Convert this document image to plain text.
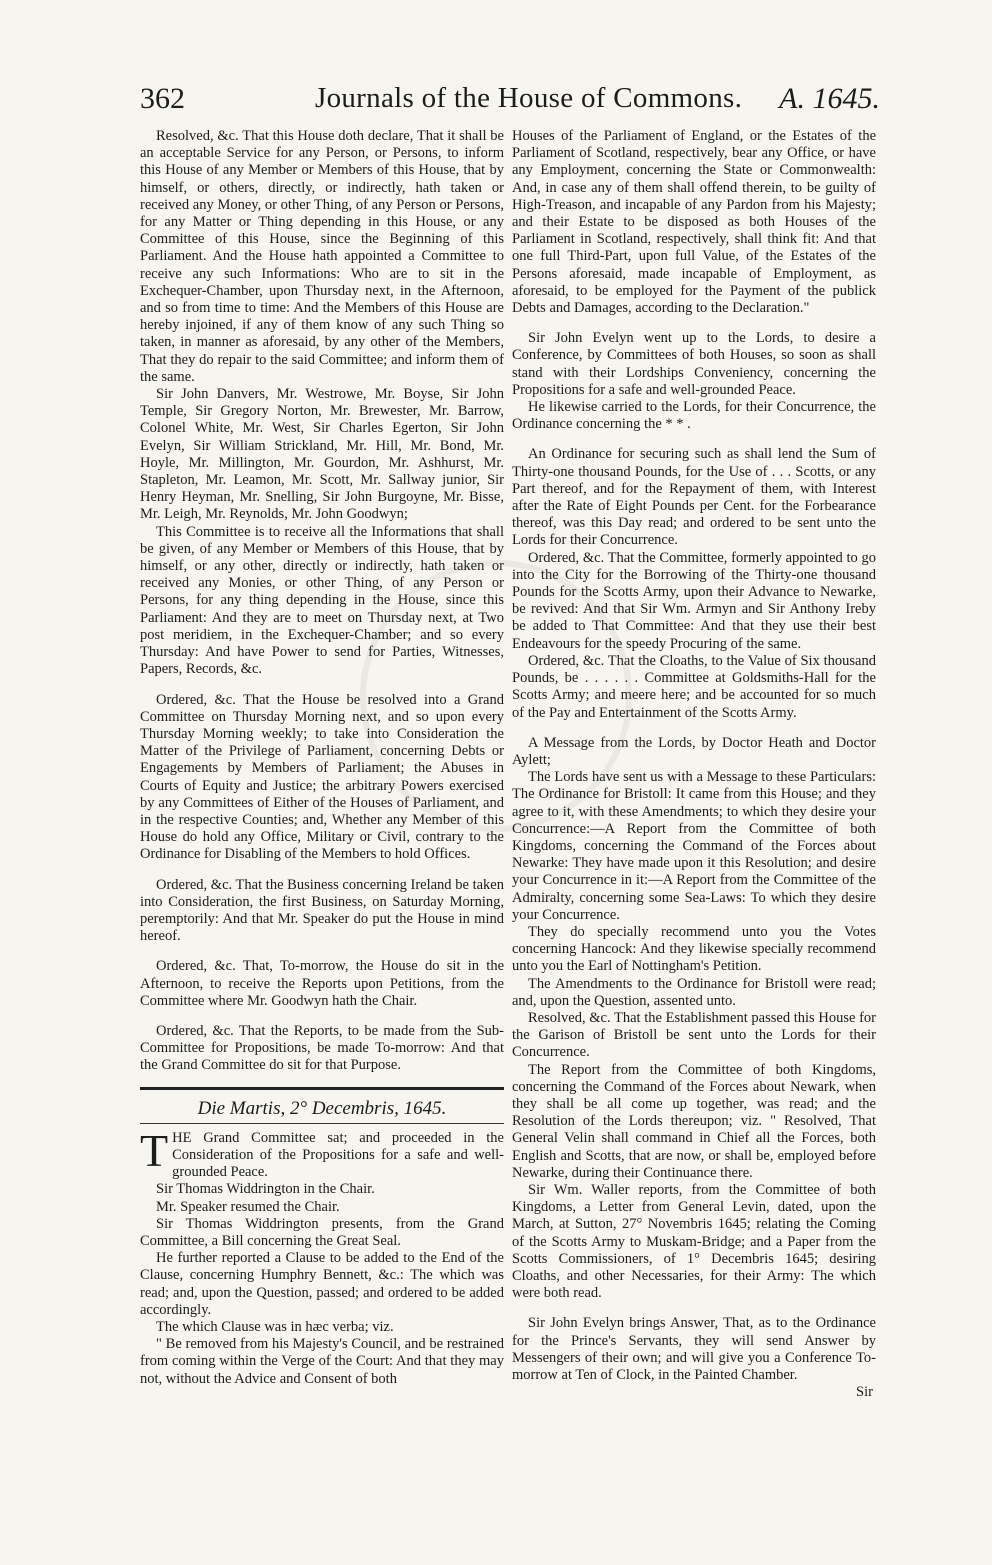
362	Journals of the House of Commons. A. 1645.

Resolved, &c. That this House doth declare, That it shall be an acceptable Service for any Person, or Persons, to inform this House of any Member or Members of this House, that by himself, or others, directly, or indirectly, hath taken or received any Money, or other Thing, of any Person or Persons, for any Matter or Thing depending in this House, or any Committee of this House, since the Beginning of this Parliament. And the House hath appointed a Committee to receive any such Informations: Who are to sit in the Exchequer-Chamber, upon Thursday next, in the Afternoon, and so from time to time: And the Members of this House are hereby injoined, if any of them know of any such Thing so taken, in manner as aforesaid, by any other of the Members, That they do repair to the said Committee; and inform them of the same.

Sir John Danvers, Mr. Westrowe, Mr. Boyse, Sir John Temple, Sir Gregory Norton, Mr. Brewester, Mr. Barrow, Colonel White, Mr. West, Sir Charles Egerton, Sir John Evelyn, Sir William Strickland, Mr. Hill, Mr. Bond, Mr. Hoyle, Mr. Millington, Mr. Gourdon, Mr. Ashhurst, Mr. Stapleton, Mr. Leamon, Mr. Scott, Mr. Sallway junior, Sir Henry Heyman, Mr. Snelling, Sir John Burgoyne, Mr. Bisse, Mr. Leigh, Mr. Reynolds, Mr. John Goodwyn;

This Committee is to receive all the Informations that shall be given, of any Member or Members of this House, that by himself, or any other, directly or indirectly, hath taken or received any Monies, or other Thing, of any Person or Persons, for any thing depending in the House, since this Parliament: And they are to meet on Thursday next, at Two post meridiem, in the Exchequer-Chamber; and so every Thursday: And have Power to send for Parties, Witnesses, Papers, Records, &c.

Ordered, &c. That the House be resolved into a Grand Committee on Thursday Morning next, and so upon every Thursday Morning weekly; to take into Consideration the Matter of the Privilege of Parliament, concerning Debts or Engagements by Members of Parliament; the Abuses in Courts of Equity and Justice; the arbitrary Powers exercised by any Committees of Either of the Houses of Parliament, and in the respective Counties; and, Whether any Member of this House do hold any Office, Military or Civil, contrary to the Ordinance for Disabling of the Members to hold Offices.

Ordered, &c. That the Business concerning Ireland be taken into Consideration, the first Business, on Saturday Morning, peremptorily: And that Mr. Speaker do put the House in mind hereof.

Ordered, &c. That, To-morrow, the House do sit in the Afternoon, to receive the Reports upon Petitions, from the Committee where Mr. Goodwyn hath the Chair.

Ordered, &c. That the Reports, to be made from the Sub-Committee for Propositions, be made To-morrow: And that the Grand Committee do sit for that Purpose.

Die Martis, 2° Decembris, 1645.

THE Grand Committee sat; and proceeded in the Consideration of the Propositions for a safe and well-grounded Peace.

Sir Thomas Widdrington in the Chair.

Mr. Speaker resumed the Chair.

Sir Thomas Widdrington presents, from the Grand Committee, a Bill concerning the Great Seal.

He further reported a Clause to be added to the End of the Clause, concerning Humphry Bennett, &c.: The which was read; and, upon the Question, passed; and ordered to be added accordingly.

The which Clause was in hæc verba; viz.

" Be removed from his Majesty's Council, and be restrained from coming within the Verge of the Court: And that they may not, without the Advice and Consent of both

Houses of the Parliament of England, or the Estates of the Parliament of Scotland, respectively, bear any Office, or have any Employment, concerning the State or Commonwealth: And, in case any of them shall offend therein, to be guilty of High-Treason, and incapable of any Pardon from his Majesty; and their Estate to be disposed as both Houses of the Parliament in Scotland, respectively, shall think fit: And that one full Third-Part, upon full Value, of the Estates of the Persons aforesaid, made incapable of Employment, as aforesaid, to be employed for the Payment of the publick Debts and Damages, according to the Declaration."

Sir John Evelyn went up to the Lords, to desire a Conference, by Committees of both Houses, so soon as shall stand with their Lordships Conveniency, concerning the Propositions for a safe and well-grounded Peace.

He likewise carried to the Lords, for their Concurrence, the Ordinance concerning the * * .

An Ordinance for securing such as shall lend the Sum of Thirty-one thousand Pounds, for the Use of . . . Scotts, or any Part thereof, and for the Repayment of them, with Interest after the Rate of Eight Pounds per Cent. for the Forbearance thereof, was this Day read; and ordered to be sent unto the Lords for their Concurrence.

Ordered, &c. That the Committee, formerly appointed to go into the City for the Borrowing of the Thirty-one thousand Pounds for the Scotts Army, upon their Advance to Newarke, be revived: And that Sir Wm. Armyn and Sir Anthony Ireby be added to That Committee: And that they use their best Endeavours for the speedy Procuring of the same.

Ordered, &c. That the Cloaths, to the Value of Six thousand Pounds, be . . . . . . Committee at Goldsmiths-Hall for the Scotts Army; and meere here; and be accounted for so much of the Pay and Entertainment of the Scotts Army.

A Message from the Lords, by Doctor Heath and Doctor Aylett;

The Lords have sent us with a Message to these Particulars: The Ordinance for Bristoll: It came from this House; and they agree to it, with these Amendments; to which they desire your Concurrence:—A Report from the Committee of both Kingdoms, concerning the Command of the Forces about Newarke: They have made upon it this Resolution; and desire your Concurrence in it:—A Report from the Committee of the Admiralty, concerning some Sea-Laws: To which they desire your Concurrence.

They do specially recommend unto you the Votes concerning Hancock: And they likewise specially recommend unto you the Earl of Nottingham's Petition.

The Amendments to the Ordinance for Bristoll were read; and, upon the Question, assented unto.

Resolved, &c. That the Establishment passed this House for the Garison of Bristoll be sent unto the Lords for their Concurrence.

The Report from the Committee of both Kingdoms, concerning the Command of the Forces about Newark, when they shall be all come up together, was read; and the Resolution of the Lords thereupon; viz. " Resolved, That General Velin shall command in Chief all the Forces, both English and Scotts, that are now, or shall be, employed before Newarke, during their Continuance there.

Sir Wm. Waller reports, from the Committee of both Kingdoms, a Letter from General Levin, dated, upon the March, at Sutton, 27° Novembris 1645; relating the Coming of the Scotts Army to Muskam-Bridge; and a Paper from the Scotts Commissioners, of 1° Decembris 1645; desiring Cloaths, and other Necessaries, for their Army: The which were both read.

Sir John Evelyn brings Answer, That, as to the Ordinance for the Prince's Servants, they will send Answer by Messengers of their own; and will give you a Conference To-morrow at Ten of Clock, in the Painted Chamber.

Sir
